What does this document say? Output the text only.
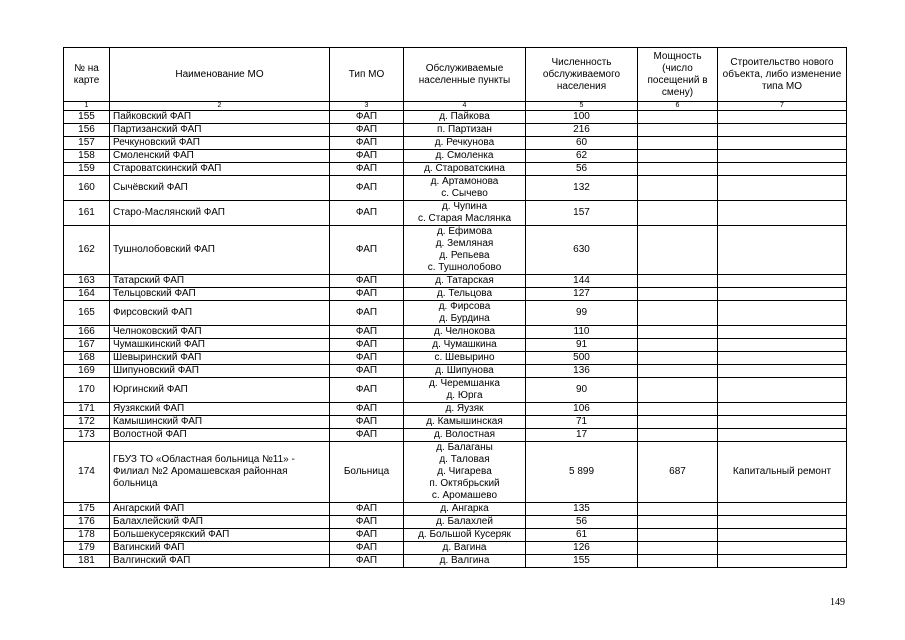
№ на карте	Наименование МО	Тип МО	Обслуживаемые населенные пункты	Численность обслуживаемого населения	Мощность (число посещений в смену)	Строительство нового объекта, либо изменение типа МО
1	2	3	4	5	6	7
155	Пайковский ФАП	ФАП	д. Пайкова	100		
156	Партизанский ФАП	ФАП	п. Партизан	216		
157	Речкуновский ФАП	ФАП	д. Речкунова	60		
158	Смоленский ФАП	ФАП	д. Смоленка	62		
159	Староватскинский ФАП	ФАП	д. Староватскина	56		
160	Сычёвский ФАП	ФАП	д. Артамонова
с. Сычево	132		
161	Старо-Маслянский ФАП	ФАП	д. Чупина
с. Старая Маслянка	157		
162	Тушнолобовский ФАП	ФАП	д. Ефимова
д. Земляная
д. Репьева
с. Тушнолобово	630		
163	Татарский ФАП	ФАП	д. Татарская	144		
164	Тельцовский ФАП	ФАП	д. Тельцова	127		
165	Фирсовский ФАП	ФАП	д. Фирсова
д. Бурдина	99		
166	Челноковский ФАП	ФАП	д. Челнокова	110		
167	Чумашкинский ФАП	ФАП	д. Чумашкина	91		
168	Шевыринский ФАП	ФАП	с. Шевырино	500		
169	Шипуновский ФАП	ФАП	д. Шипунова	136		
170	Юргинский ФАП	ФАП	д. Черемшанка
д. Юрга	90		
171	Яузякский ФАП	ФАП	д. Яузяк	106		
172	Камышинский ФАП	ФАП	д. Камышинская	71		
173	Волостной ФАП	ФАП	д. Волостная	17		
174	ГБУЗ ТО «Областная больница №11» - Филиал №2 Аромашевская районная больница	Больница	д. Балаганы
д. Таловая
д. Чигарева
п. Октябрьский
с. Аромашево	5 899	687	Капитальный ремонт
175	Ангарский ФАП	ФАП	д. Ангарка	135		
176	Балахлейский ФАП	ФАП	д. Балахлей	56		
178	Большекусерякский ФАП	ФАП	д. Большой Кусеряк	61		
179	Вагинский ФАП	ФАП	д. Вагина	126		
181	Валгинский ФАП	ФАП	д. Валгина	155		
149
